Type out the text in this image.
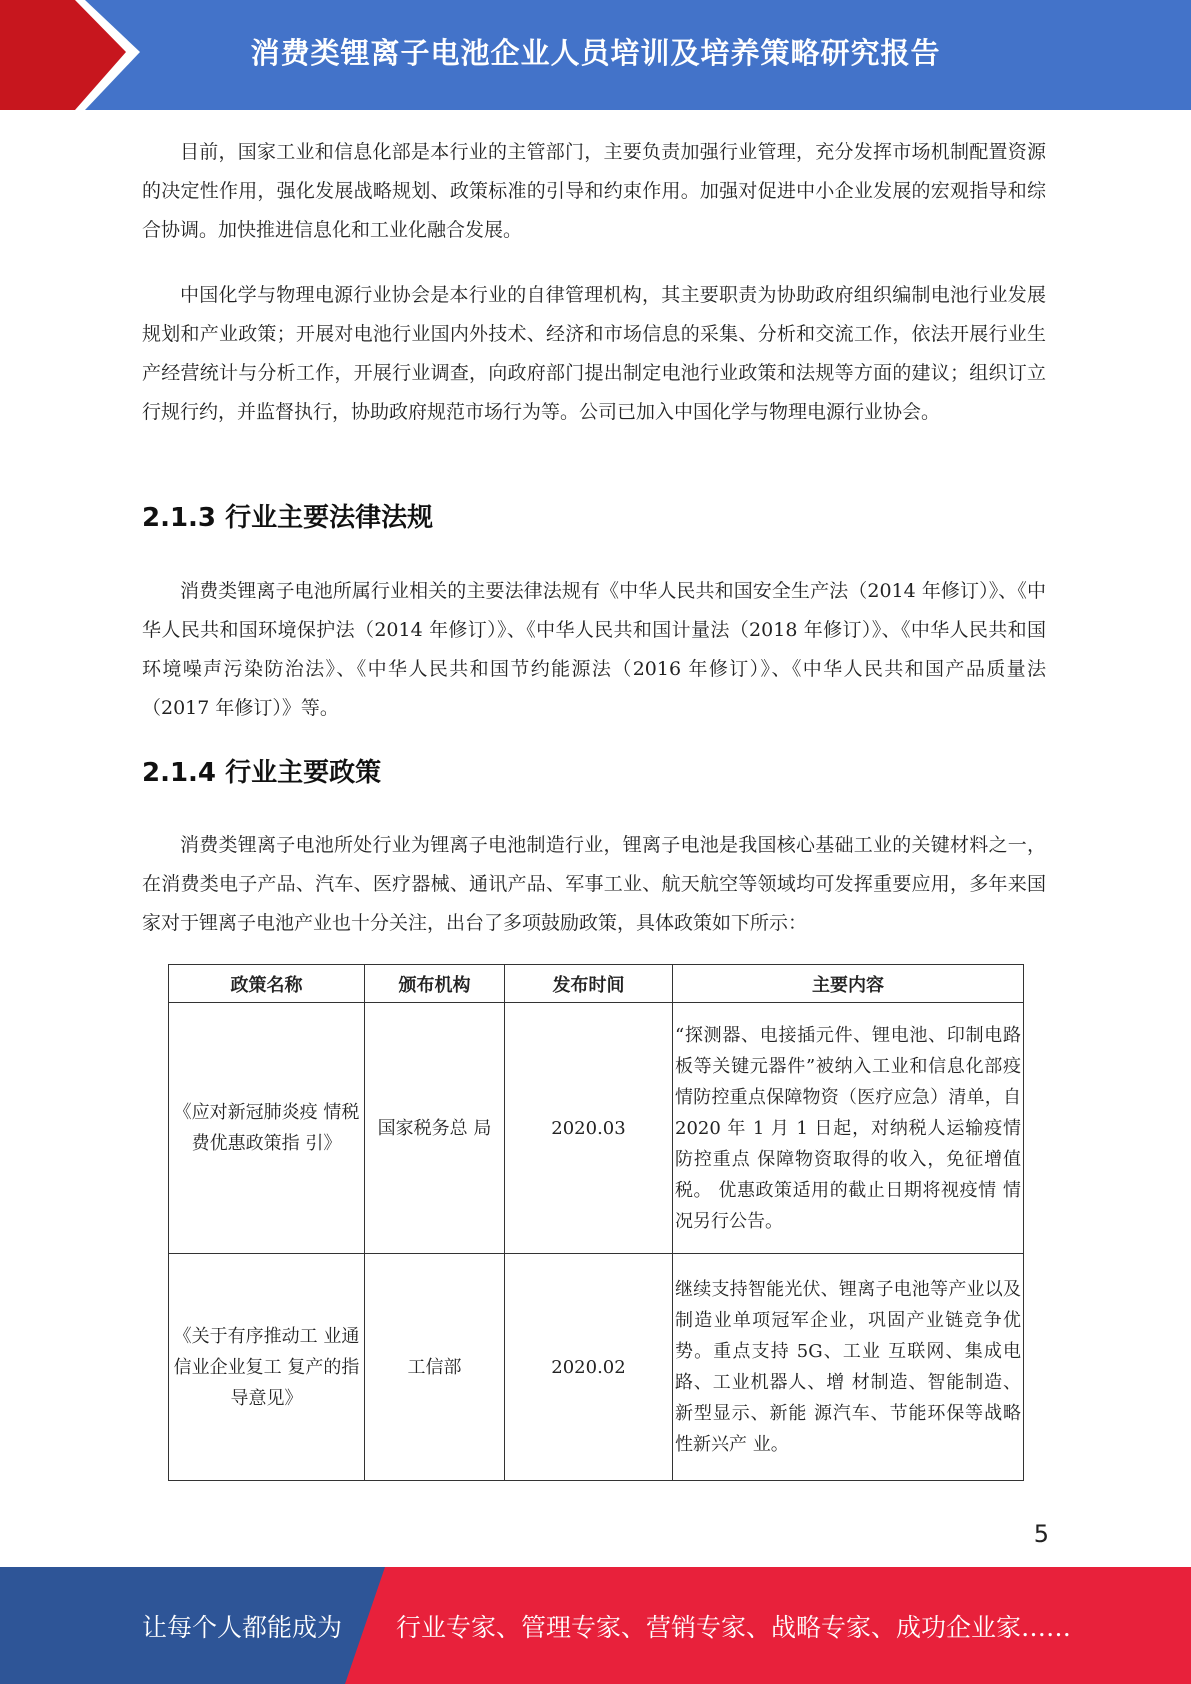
消费类锂离子电池企业人员培训及培养策略研究报告

目前，国家工业和信息化部是本行业的主管部门，主要负责加强行业管理，充分发挥市场机制配置资源的决定性作用，强化发展战略规划、政策标准的引导和约束作用。加强对促进中小企业发展的宏观指导和综合协调。加快推进信息化和工业化融合发展。

中国化学与物理电源行业协会是本行业的自律管理机构，其主要职责为协助政府组织编制电池行业发展规划和产业政策；开展对电池行业国内外技术、经济和市场信息的采集、分析和交流工作，依法开展行业生产经营统计与分析工作，开展行业调查，向政府部门提出制定电池行业政策和法规等方面的建议；组织订立行规行约，并监督执行，协助政府规范市场行为等。公司已加入中国化学与物理电源行业协会。

2.1.3 行业主要法律法规

消费类锂离子电池所属行业相关的主要法律法规有《中华人民共和国安全生产法（2014 年修订）》、《中华人民共和国环境保护法（2014 年修订）》、《中华人民共和国计量法（2018 年修订）》、《中华人民共和国环境噪声污染防治法》、《中华人民共和国节约能源法（2016 年修订）》、《中华人民共和国产品质量法（2017 年修订）》等。

2.1.4 行业主要政策

消费类锂离子电池所处行业为锂离子电池制造行业，锂离子电池是我国核心基础工业的关键材料之一，在消费类电子产品、汽车、医疗器械、通讯产品、军事工业、航天航空等领域均可发挥重要应用，多年来国家对于锂离子电池产业也十分关注，出台了多项鼓励政策，具体政策如下所示：

政策名称	颁布机构	发布时间	主要内容
《应对新冠肺炎疫 情税费优惠政策指 引》	国家税务总 局	2020.03	“探测器、电接插元件、锂电池、印制电路板等关键元器件”被纳入工业和信息化部疫情防控重点保障物资（医疗应急）清单，自 2020 年 1 月 1 日起，对纳税人运输疫情防控重点 保障物资取得的收入，免征增值税。 优惠政策适用的截止日期将视疫情 情况另行公告。
《关于有序推动工 业通信业企业复工 复产的指导意见》	工信部	2020.02	继续支持智能光伏、锂离子电池等产业以及制造业单项冠军企业，巩固产业链竞争优势。重点支持 5G、工业 互联网、集成电路、工业机器人、增 材制造、智能制造、新型显示、新能 源汽车、节能环保等战略性新兴产 业。
5
让每个人都能成为 行业专家、管理专家、营销专家、战略专家、成功企业家……
